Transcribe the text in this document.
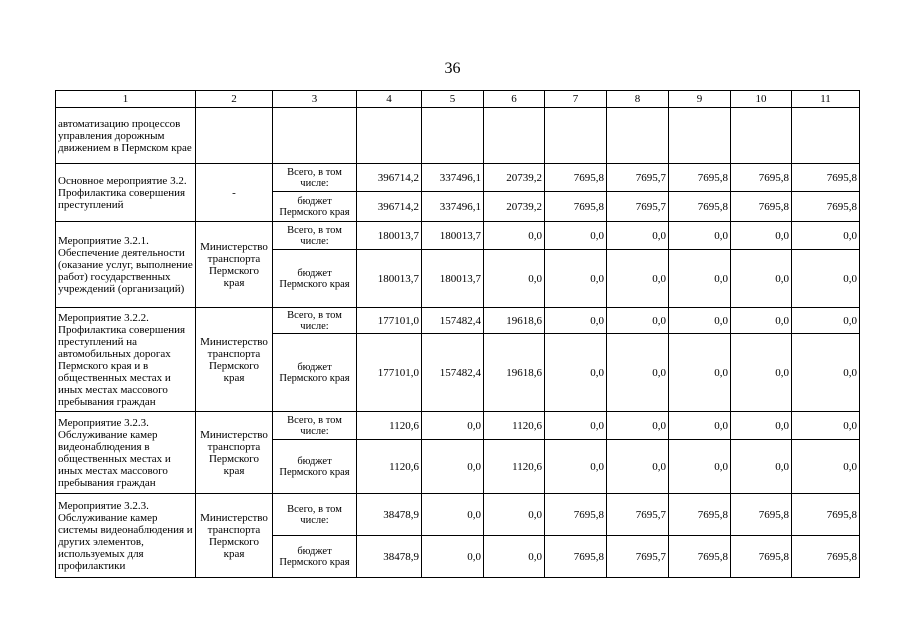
36
1	2	3	4	5	6	7	8	9	10	11
автоматизацию процессов управления дорожным движением в Пермском крае										
Основное мероприятие 3.2. Профилактика совершения преступлений	-	Всего, в том числе:	396714,2	337496,1	20739,2	7695,8	7695,7	7695,8	7695,8	7695,8
		бюджет Пермского края	396714,2	337496,1	20739,2	7695,8	7695,7	7695,8	7695,8	7695,8
Мероприятие 3.2.1. Обеспечение деятельности (оказание услуг, выполнение работ) государственных учреждений (организаций)	Министерство транспорта Пермского края	Всего, в том числе:	180013,7	180013,7	0,0	0,0	0,0	0,0	0,0	0,0
		бюджет Пермского края	180013,7	180013,7	0,0	0,0	0,0	0,0	0,0	0,0
Мероприятие 3.2.2. Профилактика совершения преступлений на автомобильных дорогах Пермского края и в общественных местах и иных местах массового пребывания граждан	Министерство транспорта Пермского края	Всего, в том числе:	177101,0	157482,4	19618,6	0,0	0,0	0,0	0,0	0,0
		бюджет Пермского края	177101,0	157482,4	19618,6	0,0	0,0	0,0	0,0	0,0
Мероприятие 3.2.3. Обслуживание камер видеонаблюдения в общественных местах и иных местах массового пребывания граждан	Министерство транспорта Пермского края	Всего, в том числе:	1120,6	0,0	1120,6	0,0	0,0	0,0	0,0	0,0
		бюджет Пермского края	1120,6	0,0	1120,6	0,0	0,0	0,0	0,0	0,0
Мероприятие 3.2.3. Обслуживание камер системы видеонаблюдения и других элементов, используемых для профилактики	Министерство транспорта Пермского края	Всего, в том числе:	38478,9	0,0	0,0	7695,8	7695,7	7695,8	7695,8	7695,8
		бюджет Пермского края	38478,9	0,0	0,0	7695,8	7695,7	7695,8	7695,8	7695,8
